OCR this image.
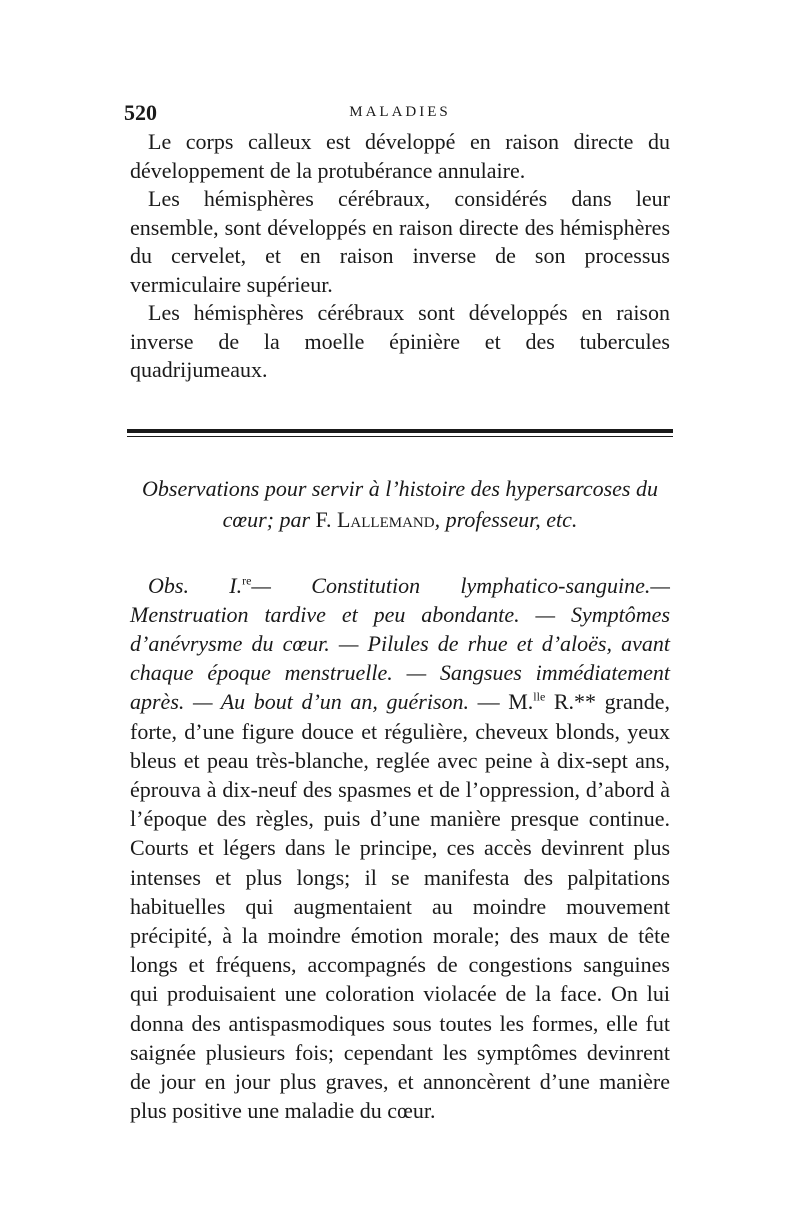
520	MALADIES

Le corps calleux est développé en raison directe du développement de la protubérance annulaire.

Les hémisphères cérébraux, considérés dans leur ensemble, sont développés en raison directe des hémisphères du cervelet, et en raison inverse de son processus vermiculaire supérieur.

Les hémisphères cérébraux sont développés en raison inverse de la moelle épinière et des tubercules quadrijumeaux.

Observations pour servir à l’histoire des hypersarcoses du
cœur; par F. Lallemand, professeur, etc.

Obs. I.$^{re}$— Constitution lymphatico-sanguine.—Menstruation tardive et peu abondante. — Symptômes d’anévrysme du cœur. — Pilules de rhue et d’aloës, avant chaque époque menstruelle. — Sangsues immédiatement après. — Au bout d’un an, guérison. — M.$^{lle}$ R.** grande, forte, d’une figure douce et régulière, cheveux blonds, yeux bleus et peau très-blanche, reglée avec peine à dix-sept ans, éprouva à dix-neuf des spasmes et de l’oppression, d’abord à l’époque des règles, puis d’une manière presque continue. Courts et légers dans le principe, ces accès devinrent plus intenses et plus longs; il se manifesta des palpitations habituelles qui augmentaient au moindre mouvement précipité, à la moindre émotion morale; des maux de tête longs et fréquens, accompagnés de congestions sanguines qui produisaient une coloration violacée de la face. On lui donna des antispasmodiques sous toutes les formes, elle fut saignée plusieurs fois; cependant les symptômes devinrent de jour en jour plus graves, et annoncèrent d’une manière plus positive une maladie du cœur.
